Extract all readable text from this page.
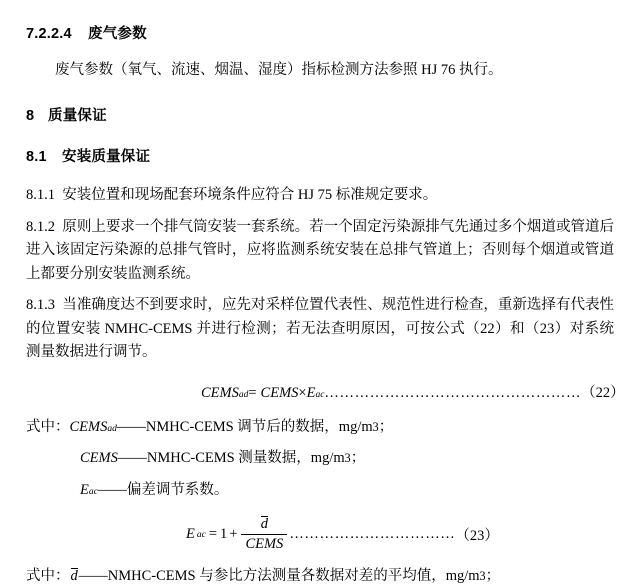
7.2.2.4 废气参数

废气参数（氧气、流速、烟温、湿度）指标检测方法参照 HJ 76 执行。

8 质量保证
8.1 安装质量保证

8.1.1 安装位置和现场配套环境条件应符合 HJ 75 标准规定要求。

8.1.2 原则上要求一个排气筒安装一套系统。若一个固定污染源排气先通过多个烟道或管道后进入该固定污染源的总排气管时，应将监测系统安装在总排气管道上；否则每个烟道或管道上都要分别安装监测系统。

8.1.3 当准确度达不到要求时，应先对采样位置代表性、规范性进行检查，重新选择有代表性的位置安装 NMHC-CEMS 并进行检测；若无法查明原因，可按公式（22）和（23）对系统测量数据进行调节。

CEMS ad = CEMS × E ac …………………………………………… （22）
式中： CEMS ad —— NMHC-CEMS 调节后的数据，mg/m 3 ；
CEMS —— NMHC-CEMS 测量数据，mg/m 3 ；
E ac —— 偏差调节系数。
E ac = $1 + \frac{d}{\text{CEMS}}$ …………………………… （23）
式中： d —— NMHC-CEMS 与参比方法测量各数据对差的平均值，mg/m 3 ；
